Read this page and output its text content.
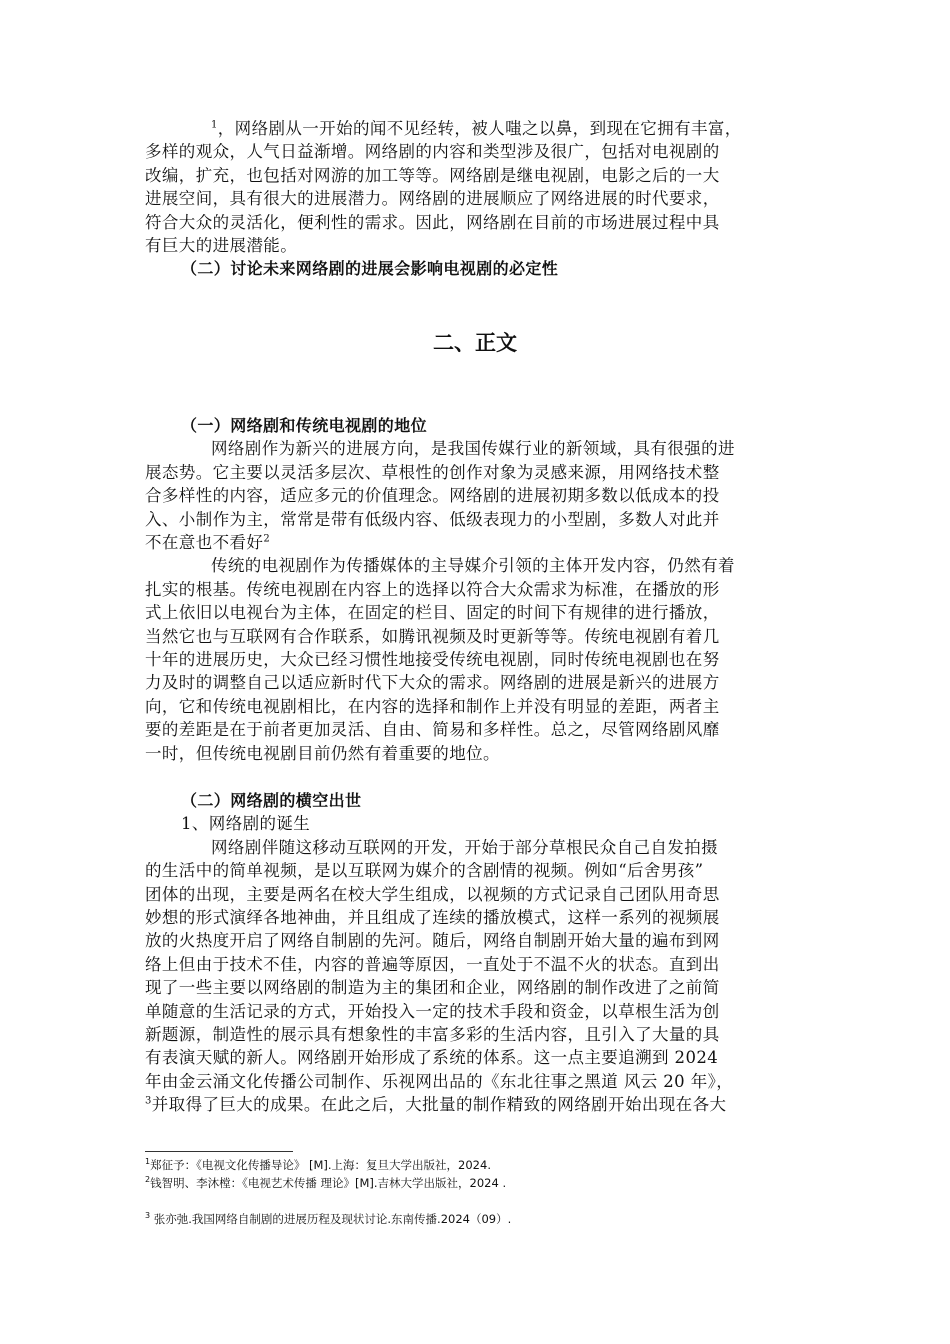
$^1$，网络剧从一开始的闻不见经转，被人嗤之以鼻，到现在它拥有丰富，
多样的观众，人气日益渐增。网络剧的内容和类型涉及很广，包括对电视剧的
改编，扩充，也包括对网游的加工等等。网络剧是继电视剧，电影之后的一大
进展空间，具有很大的进展潜力。网络剧的进展顺应了网络进展的时代要求，
符合大众的灵活化，便利性的需求。因此，网络剧在目前的市场进展过程中具
有巨大的进展潜能。
（二）讨论未来网络剧的进展会影响电视剧的必定性
二、正文
（一）网络剧和传统电视剧的地位
网络剧作为新兴的进展方向，是我国传媒行业的新领域，具有很强的进
展态势。它主要以灵活多层次、草根性的创作对象为灵感来源，用网络技术整
合多样性的内容，适应多元的价值理念。网络剧的进展初期多数以低成本的投
入、小制作为主，常常是带有低级内容、低级表现力的小型剧，多数人对此并
不在意也不看好$^2$
传统的电视剧作为传播媒体的主导媒介引领的主体开发内容，仍然有着
扎实的根基。传统电视剧在内容上的选择以符合大众需求为标准，在播放的形
式上依旧以电视台为主体，在固定的栏目、固定的时间下有规律的进行播放，
当然它也与互联网有合作联系，如腾讯视频及时更新等等。传统电视剧有着几
十年的进展历史，大众已经习惯性地接受传统电视剧，同时传统电视剧也在努
力及时的调整自己以适应新时代下大众的需求。网络剧的进展是新兴的进展方
向，它和传统电视剧相比，在内容的选择和制作上并没有明显的差距，两者主
要的差距是在于前者更加灵活、自由、简易和多样性。总之，尽管网络剧风靡
一时，但传统电视剧目前仍然有着重要的地位。
（二）网络剧的横空出世
1、网络剧的诞生
网络剧伴随这移动互联网的开发，开始于部分草根民众自己自发拍摄
的生活中的简单视频，是以互联网为媒介的含剧情的视频。例如“后舍男孩”
团体的出现，主要是两名在校大学生组成，以视频的方式记录自己团队用奇思
妙想的形式演绎各地神曲，并且组成了连续的播放模式，这样一系列的视频展
放的火热度开启了网络自制剧的先河。随后，网络自制剧开始大量的遍布到网
络上但由于技术不佳，内容的普遍等原因，一直处于不温不火的状态。直到出
现了一些主要以网络剧的制造为主的集团和企业，网络剧的制作改进了之前简
单随意的生活记录的方式，开始投入一定的技术手段和资金，以草根生活为创
新题源，制造性的展示具有想象性的丰富多彩的生活内容，且引入了大量的具
有表演天赋的新人。网络剧开始形成了系统的体系。这一点主要追溯到 2024
年由金云涌文化传播公司制作、乐视网出品的《东北往事之黑道 风云 20 年》，
$^3$并取得了巨大的成果。在此之后，大批量的制作精致的网络剧开始出现在各大
$^1$郑征予：《电视文化传播导论》 [M].上海：复旦大学出版社，2024.
$^2$钱智明、李沐樘：《电视艺术传播 理论》[M].吉林大学出版社，2024 .
$^3$ 张亦弛.我国网络自制剧的进展历程及现状讨论.东南传播.2024（09）.
